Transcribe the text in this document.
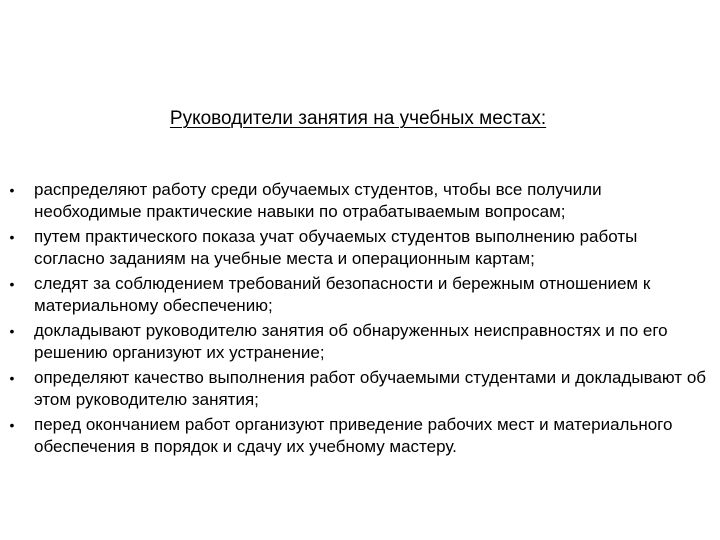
Руководители занятия на учебных местах:
• распределяют работу среди обучаемых студентов, чтобы все получили необходимые практические навыки по отрабатываемым вопросам;
• путем практического показа учат обучаемых студентов выполнению работы согласно заданиям на учебные места и операционным картам;
• следят за соблюдением требований безопасности и бережным отношением к материальному обеспечению;
• докладывают руководителю занятия об обнаруженных неисправностях и по его решению организуют их устранение;
• определяют качество выполнения работ обучаемыми студентами и докладывают об этом руководителю занятия;
• перед окончанием работ организуют приведение рабочих мест и материального обеспечения в порядок и сдачу их учебному мастеру.
